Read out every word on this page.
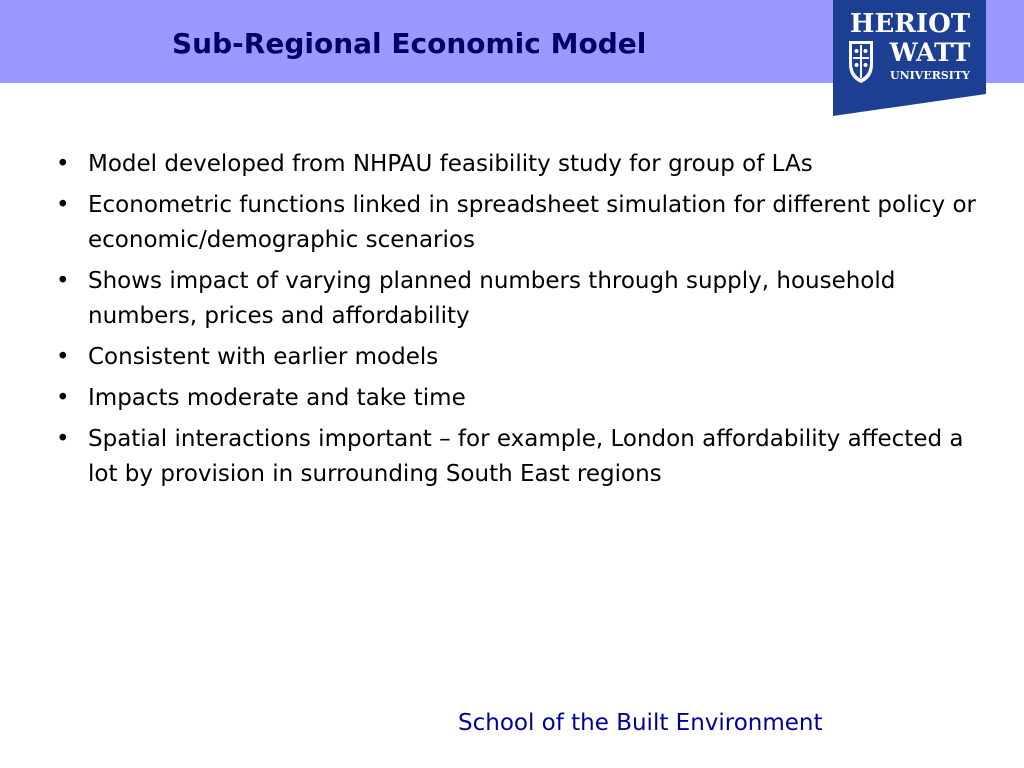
Sub-Regional Economic Model
HERIOT
WATT
UNIVERSITY
• Model developed from NHPAU feasibility study for group of LAs
• Econometric functions linked in spreadsheet simulation for different policy or economic/demographic scenarios
• Shows impact of varying planned numbers through supply, household numbers, prices and affordability
• Consistent with earlier models
• Impacts moderate and take time
• Spatial interactions important – for example, London affordability affected a lot by provision in surrounding South East regions

School of the Built Environment
